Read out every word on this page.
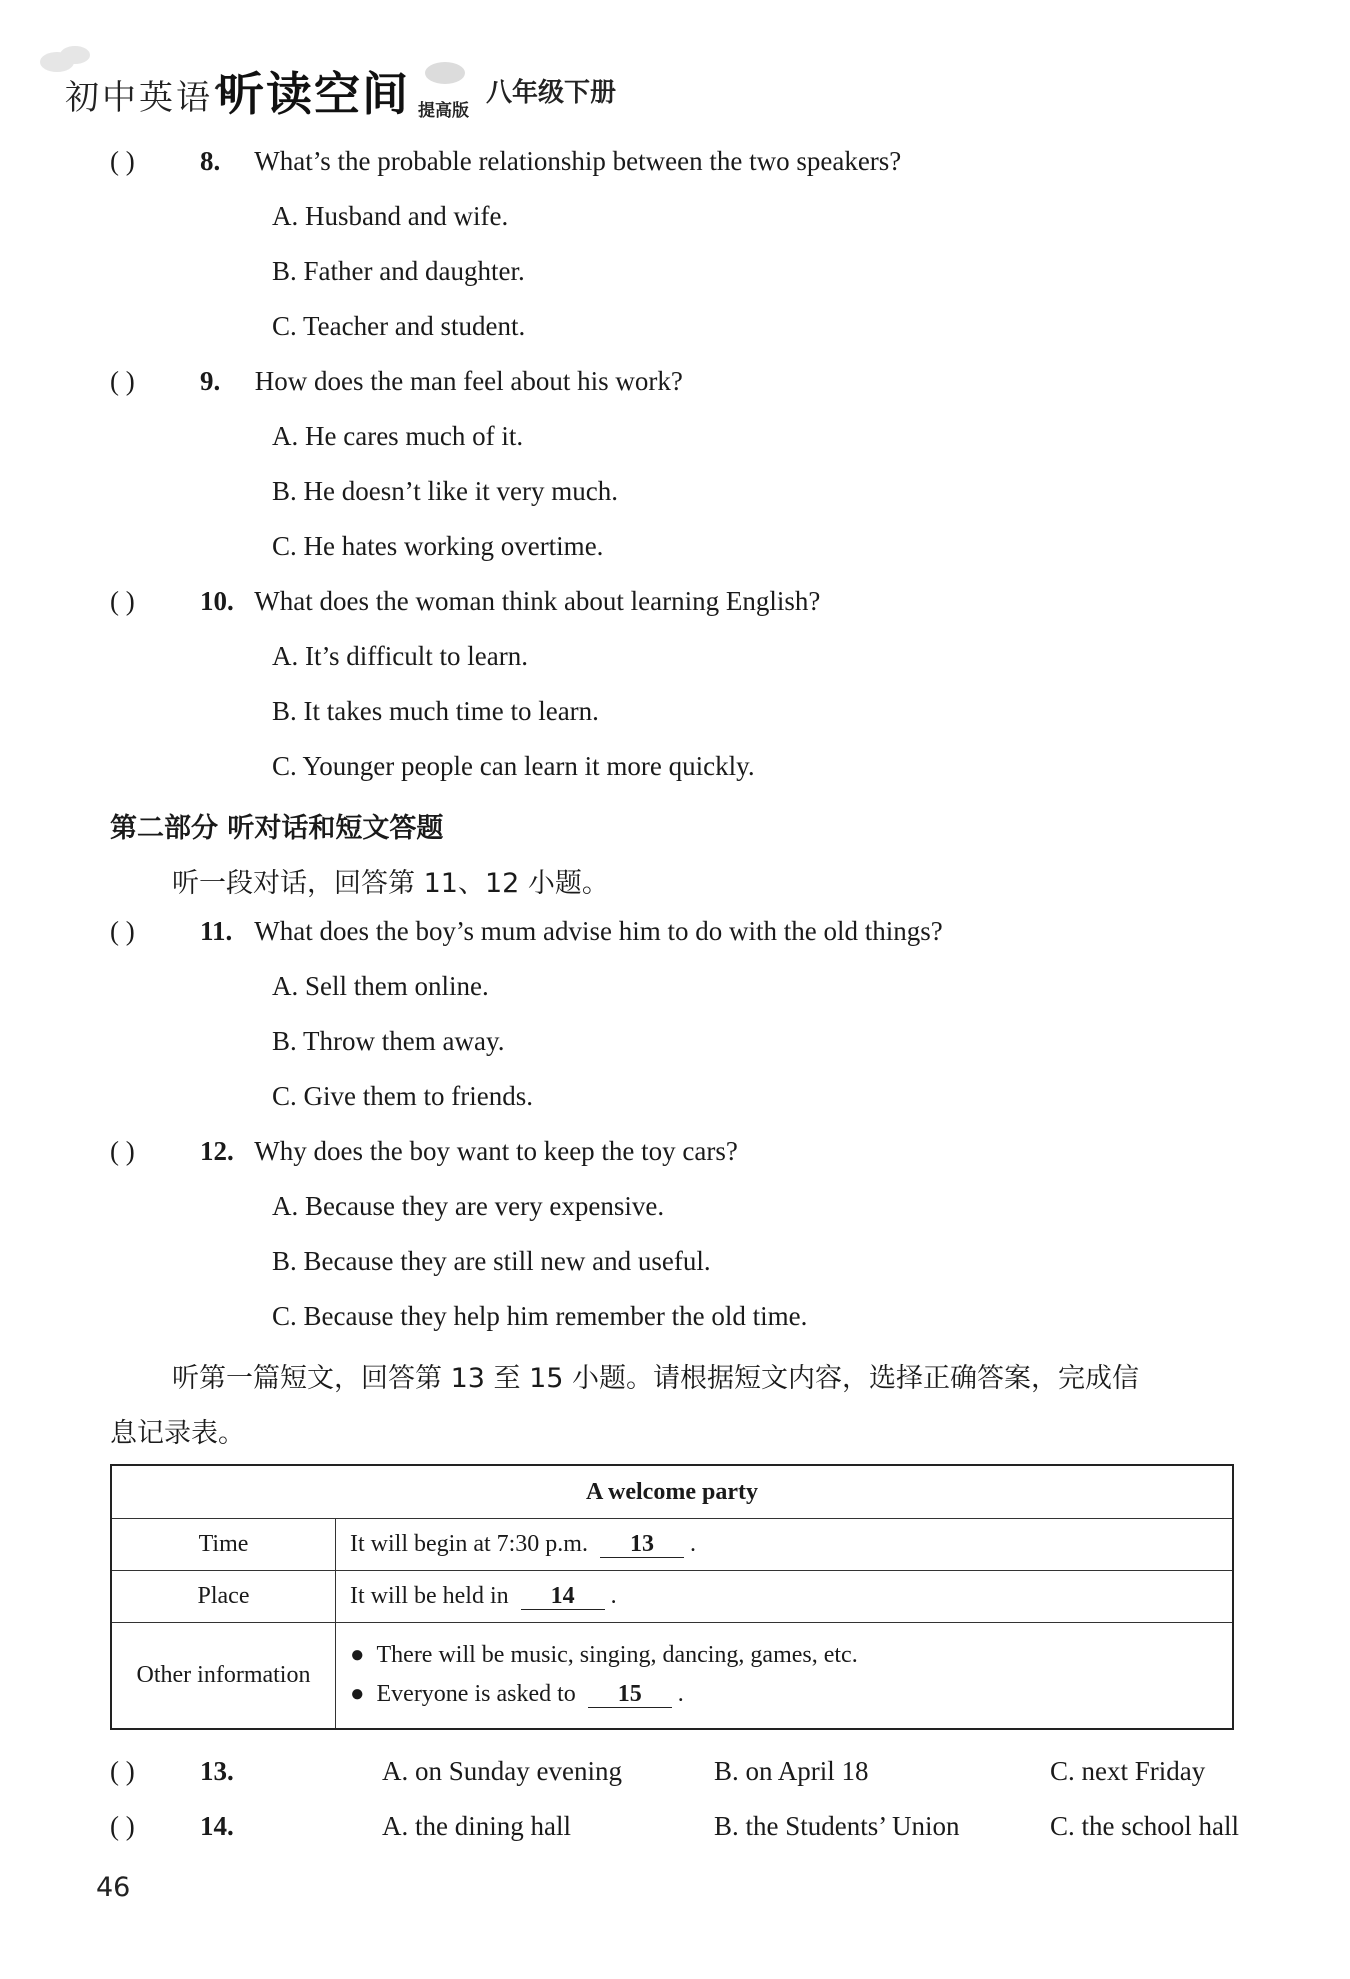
初中英语 听读空间 提高版
八年级下册
( ) 8. What’s the probable relationship between the two speakers?
A. Husband and wife.
B. Father and daughter.
C. Teacher and student.
( ) 9. How does the man feel about his work?
A. He cares much of it.
B. He doesn’t like it very much.
C. He hates working overtime.
( ) 10. What does the woman think about learning English?
A. It’s difficult to learn.
B. It takes much time to learn.
C. Younger people can learn it more quickly.
第二部分 听对话和短文答题
听一段对话，回答第 11、12 小题。
( ) 11. What does the boy’s mum advise him to do with the old things?
A. Sell them online.
B. Throw them away.
C. Give them to friends.
( ) 12. Why does the boy want to keep the toy cars?
A. Because they are very expensive.
B. Because they are still new and useful.
C. Because they help him remember the old time.
听第一篇短文，回答第 13 至 15 小题。请根据短文内容，选择正确答案，完成信
息记录表。
A welcome party	
Time	It will begin at 7:30 p.m. 13 .
Place	It will be held in 14 .
Other information	●  There will be music, singing, dancing, games, etc.
●  Everyone is asked to 15 .
( ) 13.	A. on Sunday evening	B. on April 18	C. next Friday
( ) 14.	A. the dining hall	B. the Students’ Union	C. the school hall
46
